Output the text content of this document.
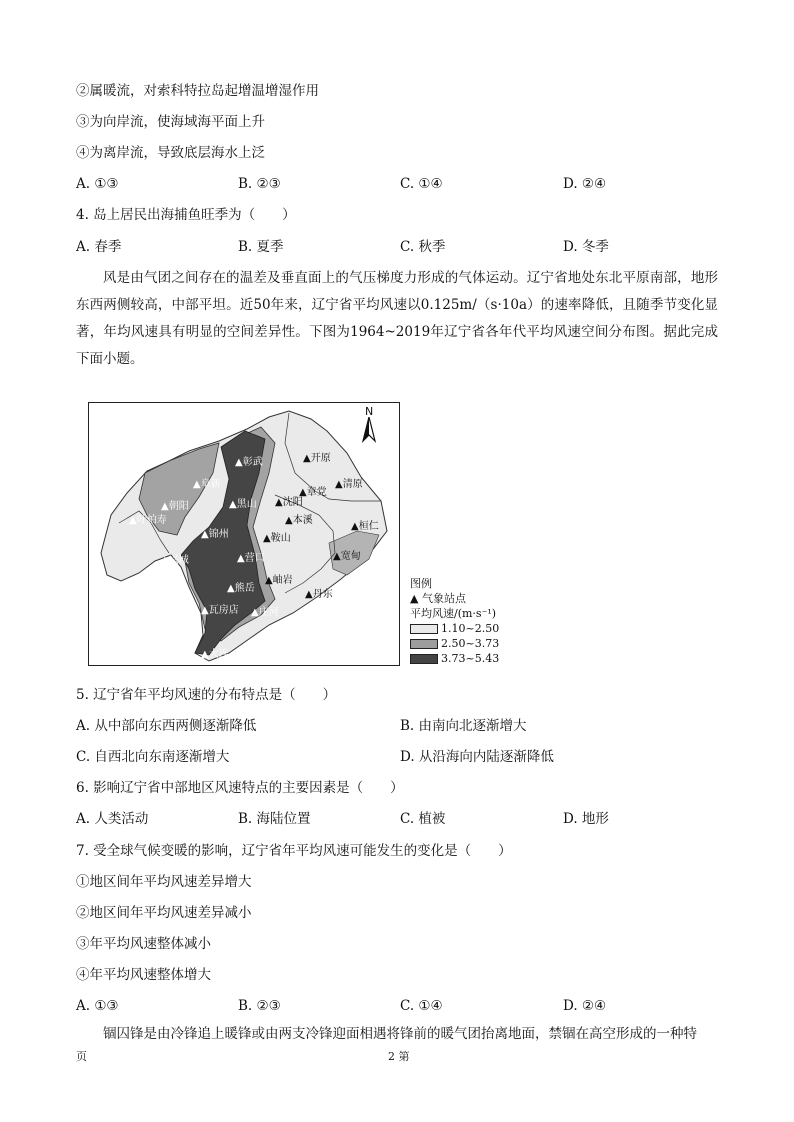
②属暖流，对索科特拉岛起增温增湿作用
③为向岸流，使海域海平面上升
④为离岸流，导致底层海水上泛
A. ①③	B. ②③	C. ①④	D. ②④
4. 岛上居民出海捕鱼旺季为（　　）
A. 春季	B. 夏季	C. 秋季	D. 冬季
风是由气团之间存在的温差及垂直面上的气压梯度力形成的气体运动。辽宁省地处东北平原南部，地形东西两侧较高，中部平坦。近50年来，辽宁省平均风速以0.125m/（s·10a）的速率降低，且随季节变化显著，年均风速具有明显的空间差异性。下图为1964~2019年辽宁省各年代平均风速空间分布图。据此完成下面小题。
N
▲彰武	▲开原
▲阜新	▲清原
▲沈阳
▲章党
▲朝阳	▲黑山
▲本溪
▲叶柏寿
▲桓仁
▲锦州	▲鞍山
▲兴城	▲营口	▲宽甸
▲绥中
▲熊岳
▲岫岩
▲丹东
▲瓦房店 ▲庄河
▲大连
图例
▲ 气象站点
平均风速/(m·s⁻¹)
1.10~2.50
2.50~3.73
3.73~5.43
5. 辽宁省年平均风速的分布特点是（　　）
A. 从中部向东西两侧逐渐降低	B. 由南向北逐渐增大
C. 自西北向东南逐渐增大	D. 从沿海向内陆逐渐降低
6. 影响辽宁省中部地区风速特点的主要因素是（　　）
A. 人类活动	B. 海陆位置	C. 植被	D. 地形
7. 受全球气候变暖的影响，辽宁省年平均风速可能发生的变化是（　　）
①地区间年平均风速差异增大
②地区间年平均风速差异减小
③年平均风速整体减小
④年平均风速整体增大
A. ①③	B. ②③	C. ①④	D. ②④
锢囚锋是由冷锋追上暖锋或由两支冷锋迎面相遇将锋前的暖气团抬离地面，禁锢在高空形成的一种特
页	2 第
